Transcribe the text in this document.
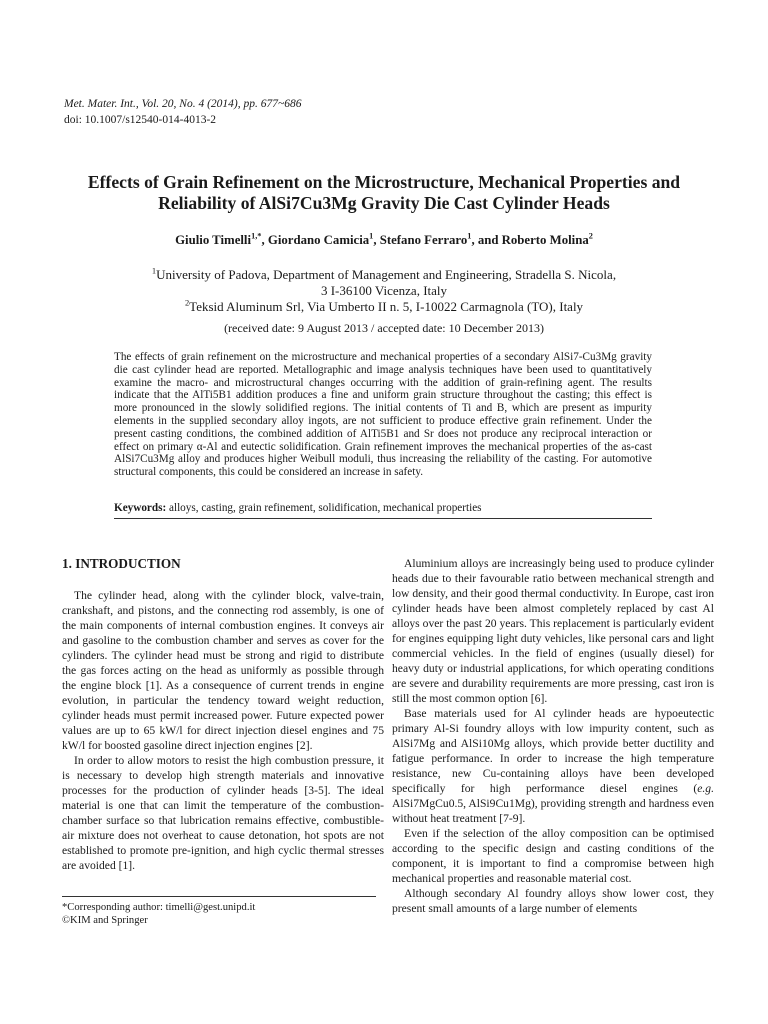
Met. Mater. Int., Vol. 20, No. 4 (2014), pp. 677~686
doi: 10.1007/s12540-014-4013-2
Effects of Grain Refinement on the Microstructure, Mechanical Properties and
Reliability of AlSi7Cu3Mg Gravity Die Cast Cylinder Heads
Giulio Timelli$^{1,*}$, Giordano Camicia$^1$, Stefano Ferraro$^1$, and Roberto Molina$^2$
$^1$University of Padova, Department of Management and Engineering, Stradella S. Nicola,
3 I-36100 Vicenza, Italy
$^2$Teksid Aluminum Srl, Via Umberto II n. 5, I-10022 Carmagnola (TO), Italy
(received date: 9 August 2013 / accepted date: 10 December 2013)
The effects of grain refinement on the microstructure and mechanical properties of a secondary AlSi7-Cu3Mg gravity die cast cylinder head are reported. Metallographic and image analysis techniques have been used to quantitatively examine the macro- and microstructural changes occurring with the addition of grain-refining agent. The results indicate that the AlTi5B1 addition produces a fine and uniform grain structure throughout the casting; this effect is more pronounced in the slowly solidified regions. The initial contents of Ti and B, which are present as impurity elements in the supplied secondary alloy ingots, are not sufficient to produce effective grain refinement. Under the present casting conditions, the combined addition of AlTi5B1 and Sr does not produce any reciprocal interaction or effect on primary α-Al and eutectic solidification. Grain refinement improves the mechanical properties of the as-cast AlSi7Cu3Mg alloy and produces higher Weibull moduli, thus increasing the reliability of the casting. For automotive structural components, this could be considered an increase in safety.
Keywords: alloys, casting, grain refinement, solidification, mechanical properties
1. INTRODUCTION

The cylinder head, along with the cylinder block, valve-train, crankshaft, and pistons, and the connecting rod assembly, is one of the main components of internal combustion engines. It conveys air and gasoline to the combustion chamber and serves as cover for the cylinders. The cylinder head must be strong and rigid to distribute the gas forces acting on the head as uniformly as possible through the engine block [1]. As a consequence of current trends in engine evolution, in particular the tendency toward weight reduction, cylinder heads must permit increased power. Future expected power values are up to 65 kW/l for direct injection diesel engines and 75 kW/l for boosted gasoline direct injection engines [2].

In order to allow motors to resist the high combustion pressure, it is necessary to develop high strength materials and innovative processes for the production of cylinder heads [3-5]. The ideal material is one that can limit the temperature of the combustion-chamber surface so that lubrication remains effective, combustible-air mixture does not overheat to cause detonation, hot spots are not established to promote pre-ignition, and high cyclic thermal stresses are avoided [1].

Aluminium alloys are increasingly being used to produce cylinder heads due to their favourable ratio between mechanical strength and low density, and their good thermal conductivity. In Europe, cast iron cylinder heads have been almost completely replaced by cast Al alloys over the past 20 years. This replacement is particularly evident for engines equipping light duty vehicles, like personal cars and light commercial vehicles. In the field of engines (usually diesel) for heavy duty or industrial applications, for which operating conditions are severe and durability requirements are more pressing, cast iron is still the most common option [6].

Base materials used for Al cylinder heads are hypoeutectic primary Al-Si foundry alloys with low impurity content, such as AlSi7Mg and AlSi10Mg alloys, which provide better ductility and fatigue performance. In order to increase the high temperature resistance, new Cu-containing alloys have been developed specifically for high performance diesel engines (e.g. AlSi7MgCu0.5, AlSi9Cu1Mg), providing strength and hardness even without heat treatment [7-9].

Even if the selection of the alloy composition can be optimised according to the specific design and casting conditions of the component, it is important to find a compromise between high mechanical properties and reasonable material cost.

Although secondary Al foundry alloys show lower cost, they present small amounts of a large number of elements

*Corresponding author: timelli@gest.unipd.it
©KIM and Springer
